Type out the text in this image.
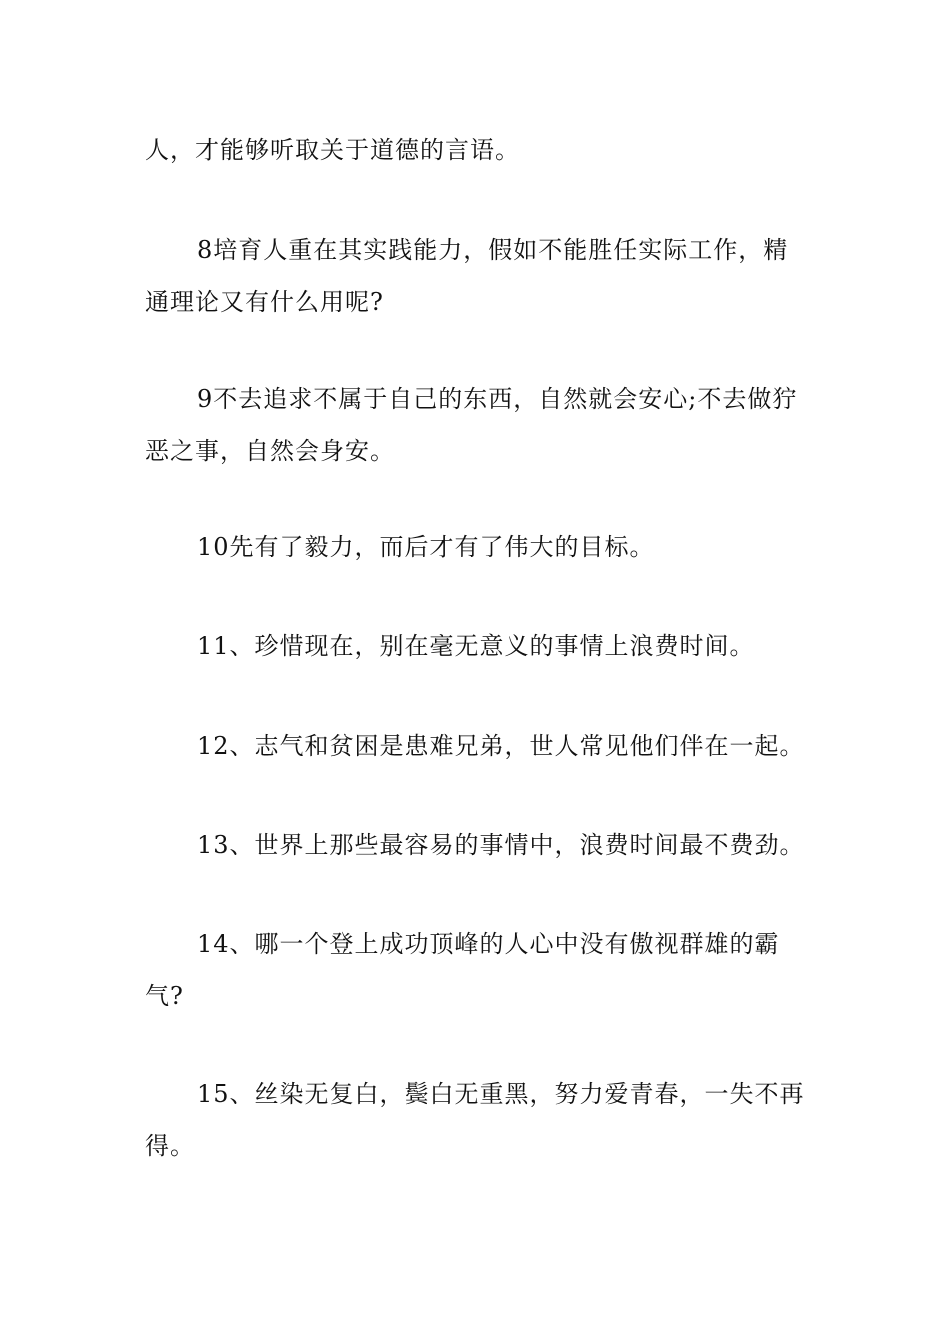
人，才能够听取关于道德的言语。

8培育人重在其实践能力，假如不能胜任实际工作，精通理论又有什么用呢?

9不去追求不属于自己的东西，自然就会安心;不去做狞恶之事，自然会身安。

10先有了毅力，而后才有了伟大的目标。

11、珍惜现在，别在毫无意义的事情上浪费时间。

12、志气和贫困是患难兄弟，世人常见他们伴在一起。

13、世界上那些最容易的事情中，浪费时间最不费劲。

14、哪一个登上成功顶峰的人心中没有傲视群雄的霸气?

15、丝染无复白，鬓白无重黑，努力爱青春，一失不再得。
